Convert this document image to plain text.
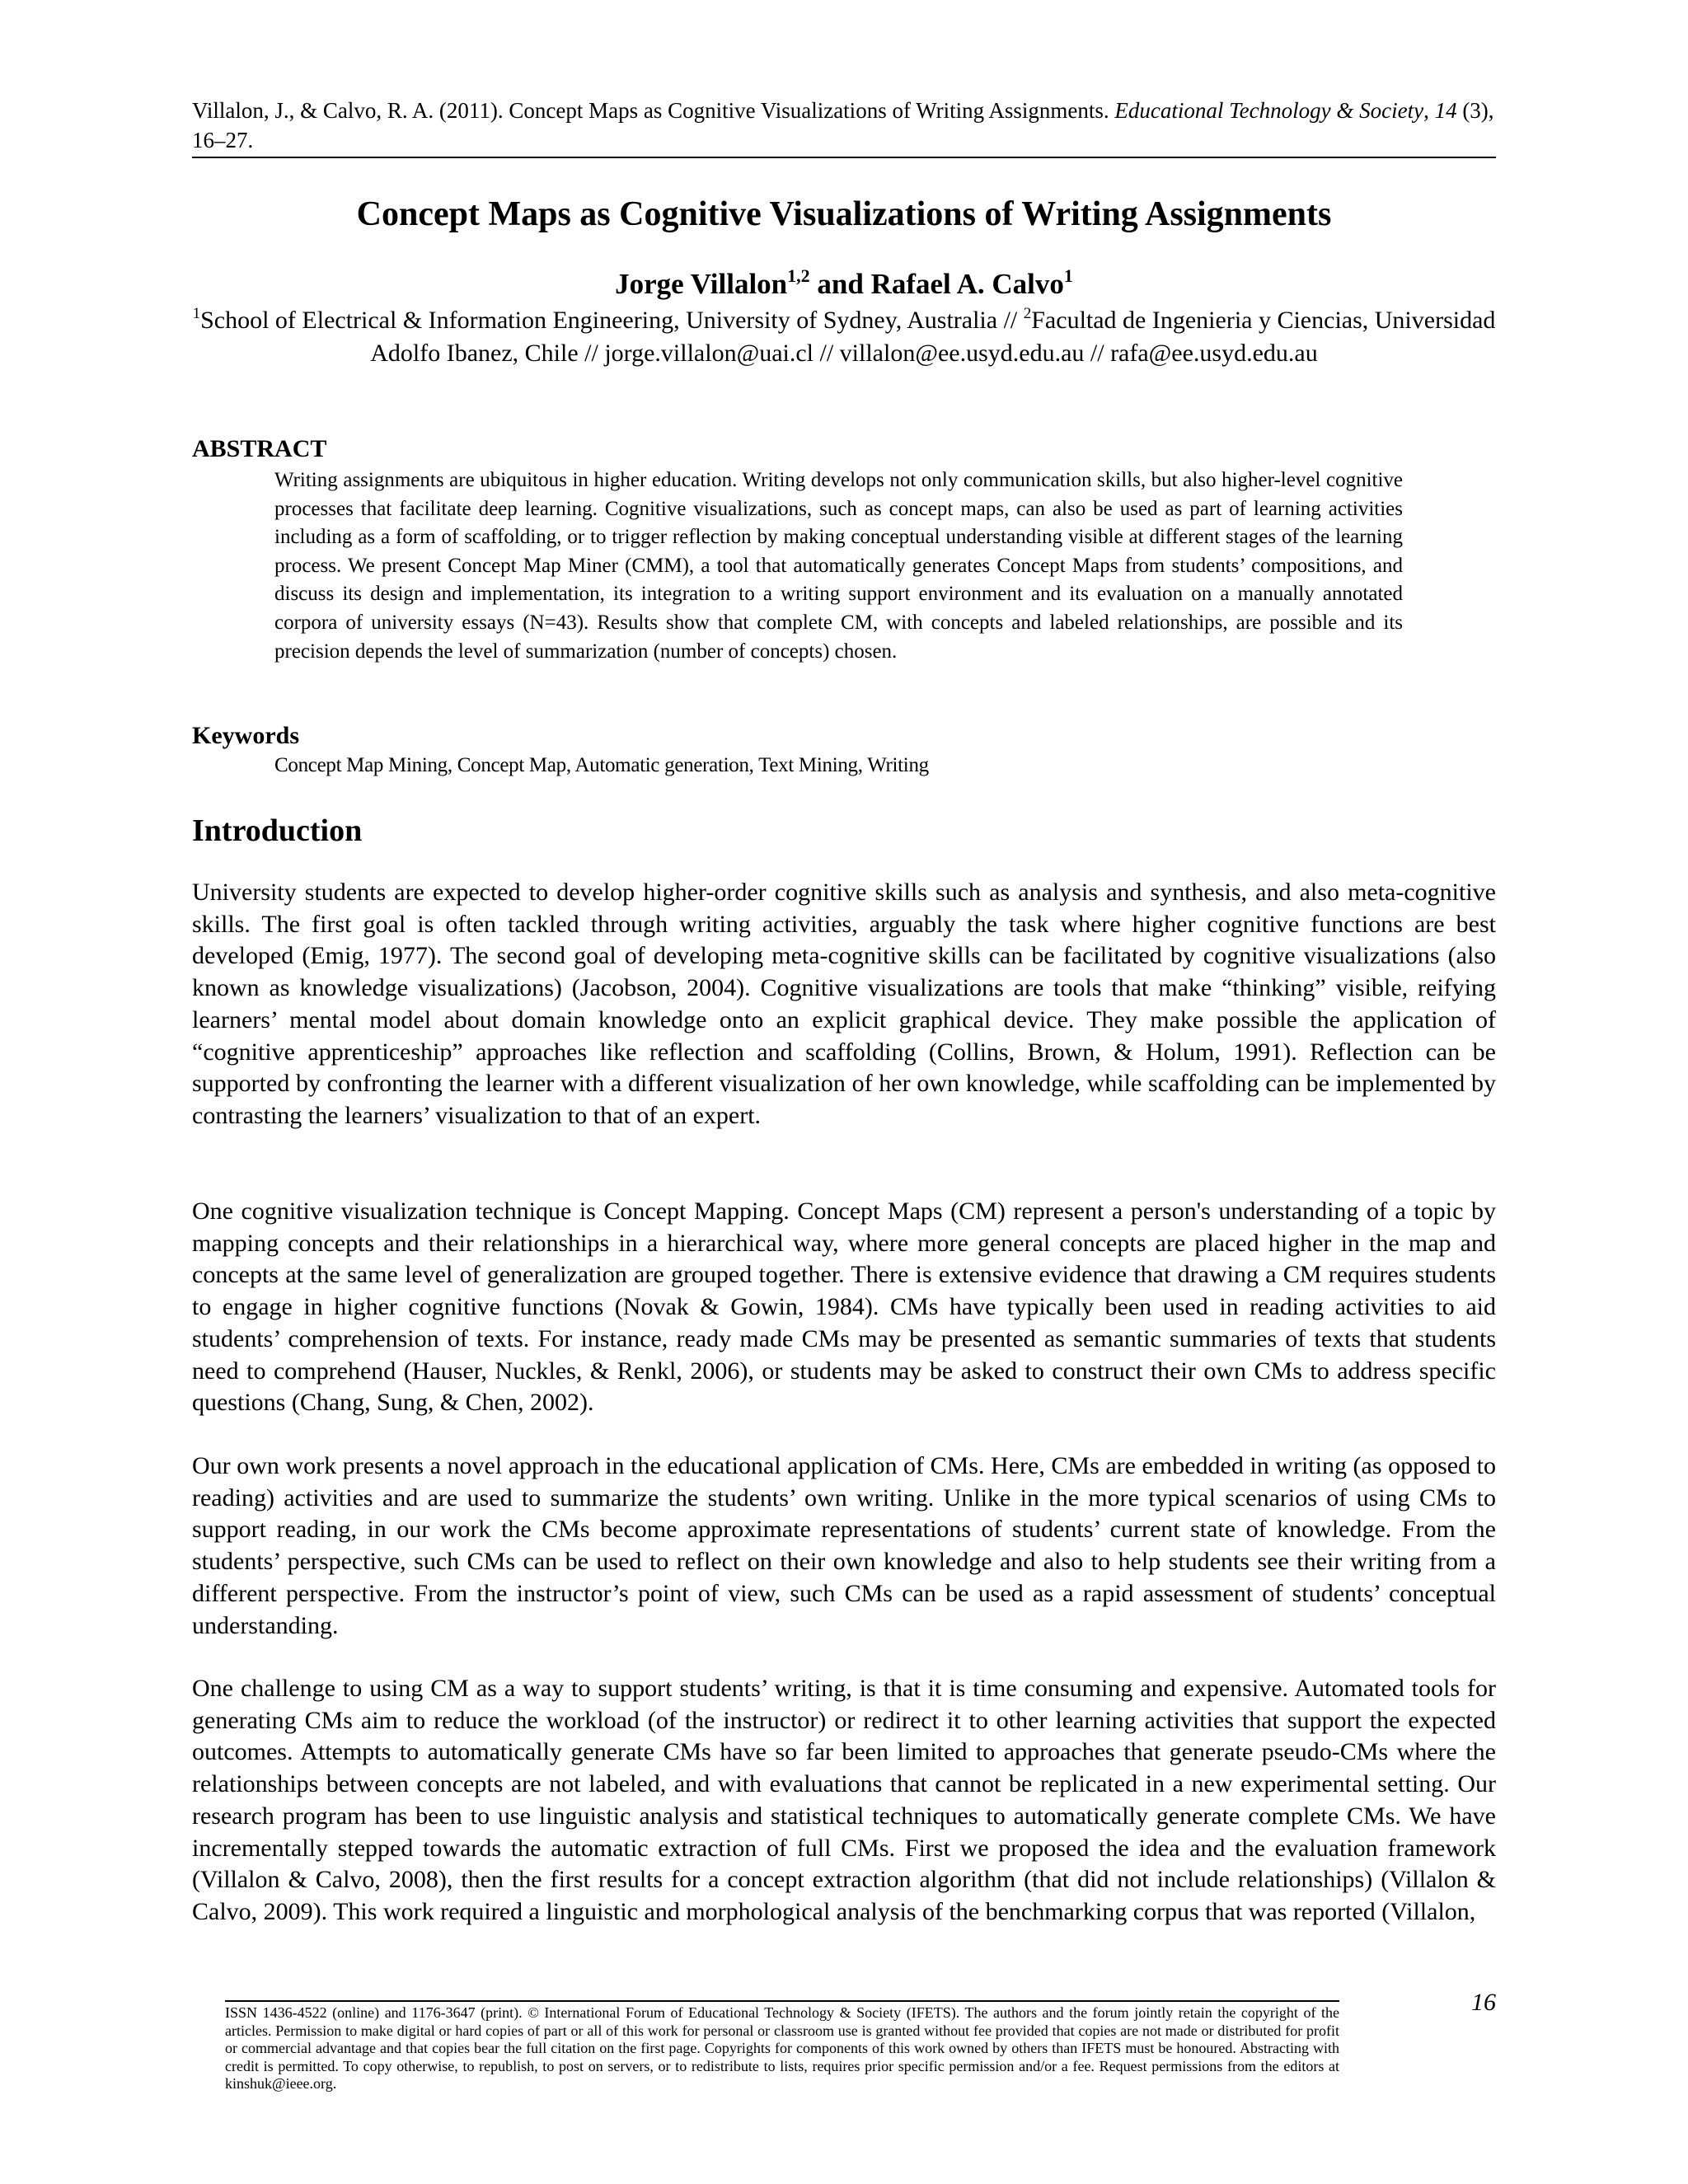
Villalon, J., & Calvo, R. A. (2011). Concept Maps as Cognitive Visualizations of Writing Assignments. Educational Technology & Society, 14 (3), 16–27.
Concept Maps as Cognitive Visualizations of Writing Assignments
Jorge Villalon$^{1,2}$ and Rafael A. Calvo$^1$
$^1$School of Electrical & Information Engineering, University of Sydney, Australia // $^2$Facultad de Ingenieria y Ciencias, Universidad Adolfo Ibanez, Chile // jorge.villalon@uai.cl // villalon@ee.usyd.edu.au // rafa@ee.usyd.edu.au
ABSTRACT

Writing assignments are ubiquitous in higher education. Writing develops not only communication skills, but also higher-level cognitive processes that facilitate deep learning. Cognitive visualizations, such as concept maps, can also be used as part of learning activities including as a form of scaffolding, or to trigger reflection by making conceptual understanding visible at different stages of the learning process. We present Concept Map Miner (CMM), a tool that automatically generates Concept Maps from students’ compositions, and discuss its design and implementation, its integration to a writing support environment and its evaluation on a manually annotated corpora of university essays (N=43). Results show that complete CM, with concepts and labeled relationships, are possible and its precision depends the level of summarization (number of concepts) chosen.

Keywords

Concept Map Mining, Concept Map, Automatic generation, Text Mining, Writing

Introduction

University students are expected to develop higher-order cognitive skills such as analysis and synthesis, and also meta-cognitive skills. The first goal is often tackled through writing activities, arguably the task where higher cognitive functions are best developed (Emig, 1977). The second goal of developing meta-cognitive skills can be facilitated by cognitive visualizations (also known as knowledge visualizations) (Jacobson, 2004). Cognitive visualizations are tools that make “thinking” visible, reifying learners’ mental model about domain knowledge onto an explicit graphical device. They make possible the application of “cognitive apprenticeship” approaches like reflection and scaffolding (Collins, Brown, & Holum, 1991). Reflection can be supported by confronting the learner with a different visualization of her own knowledge, while scaffolding can be implemented by contrasting the learners’ visualization to that of an expert.

One cognitive visualization technique is Concept Mapping. Concept Maps (CM) represent a person's understanding of a topic by mapping concepts and their relationships in a hierarchical way, where more general concepts are placed higher in the map and concepts at the same level of generalization are grouped together. There is extensive evidence that drawing a CM requires students to engage in higher cognitive functions (Novak & Gowin, 1984). CMs have typically been used in reading activities to aid students’ comprehension of texts. For instance, ready made CMs may be presented as semantic summaries of texts that students need to comprehend (Hauser, Nuckles, & Renkl, 2006), or students may be asked to construct their own CMs to address specific questions (Chang, Sung, & Chen, 2002).

Our own work presents a novel approach in the educational application of CMs. Here, CMs are embedded in writing (as opposed to reading) activities and are used to summarize the students’ own writing. Unlike in the more typical scenarios of using CMs to support reading, in our work the CMs become approximate representations of students’ current state of knowledge. From the students’ perspective, such CMs can be used to reflect on their own knowledge and also to help students see their writing from a different perspective. From the instructor’s point of view, such CMs can be used as a rapid assessment of students’ conceptual understanding.

One challenge to using CM as a way to support students’ writing, is that it is time consuming and expensive. Automated tools for generating CMs aim to reduce the workload (of the instructor) or redirect it to other learning activities that support the expected outcomes. Attempts to automatically generate CMs have so far been limited to approaches that generate pseudo-CMs where the relationships between concepts are not labeled, and with evaluations that cannot be replicated in a new experimental setting. Our research program has been to use linguistic analysis and statistical techniques to automatically generate complete CMs. We have incrementally stepped towards the automatic extraction of full CMs. First we proposed the idea and the evaluation framework (Villalon & Calvo, 2008), then the first results for a concept extraction algorithm (that did not include relationships) (Villalon & Calvo, 2009). This work required a linguistic and morphological analysis of the benchmarking corpus that was reported (Villalon,

ISSN 1436-4522 (online) and 1176-3647 (print). © International Forum of Educational Technology & Society (IFETS). The authors and the forum jointly retain the copyright of the articles. Permission to make digital or hard copies of part or all of this work for personal or classroom use is granted without fee provided that copies are not made or distributed for profit or commercial advantage and that copies bear the full citation on the first page. Copyrights for components of this work owned by others than IFETS must be honoured. Abstracting with credit is permitted. To copy otherwise, to republish, to post on servers, or to redistribute to lists, requires prior specific permission and/or a fee. Request permissions from the editors at kinshuk@ieee.org.

16
